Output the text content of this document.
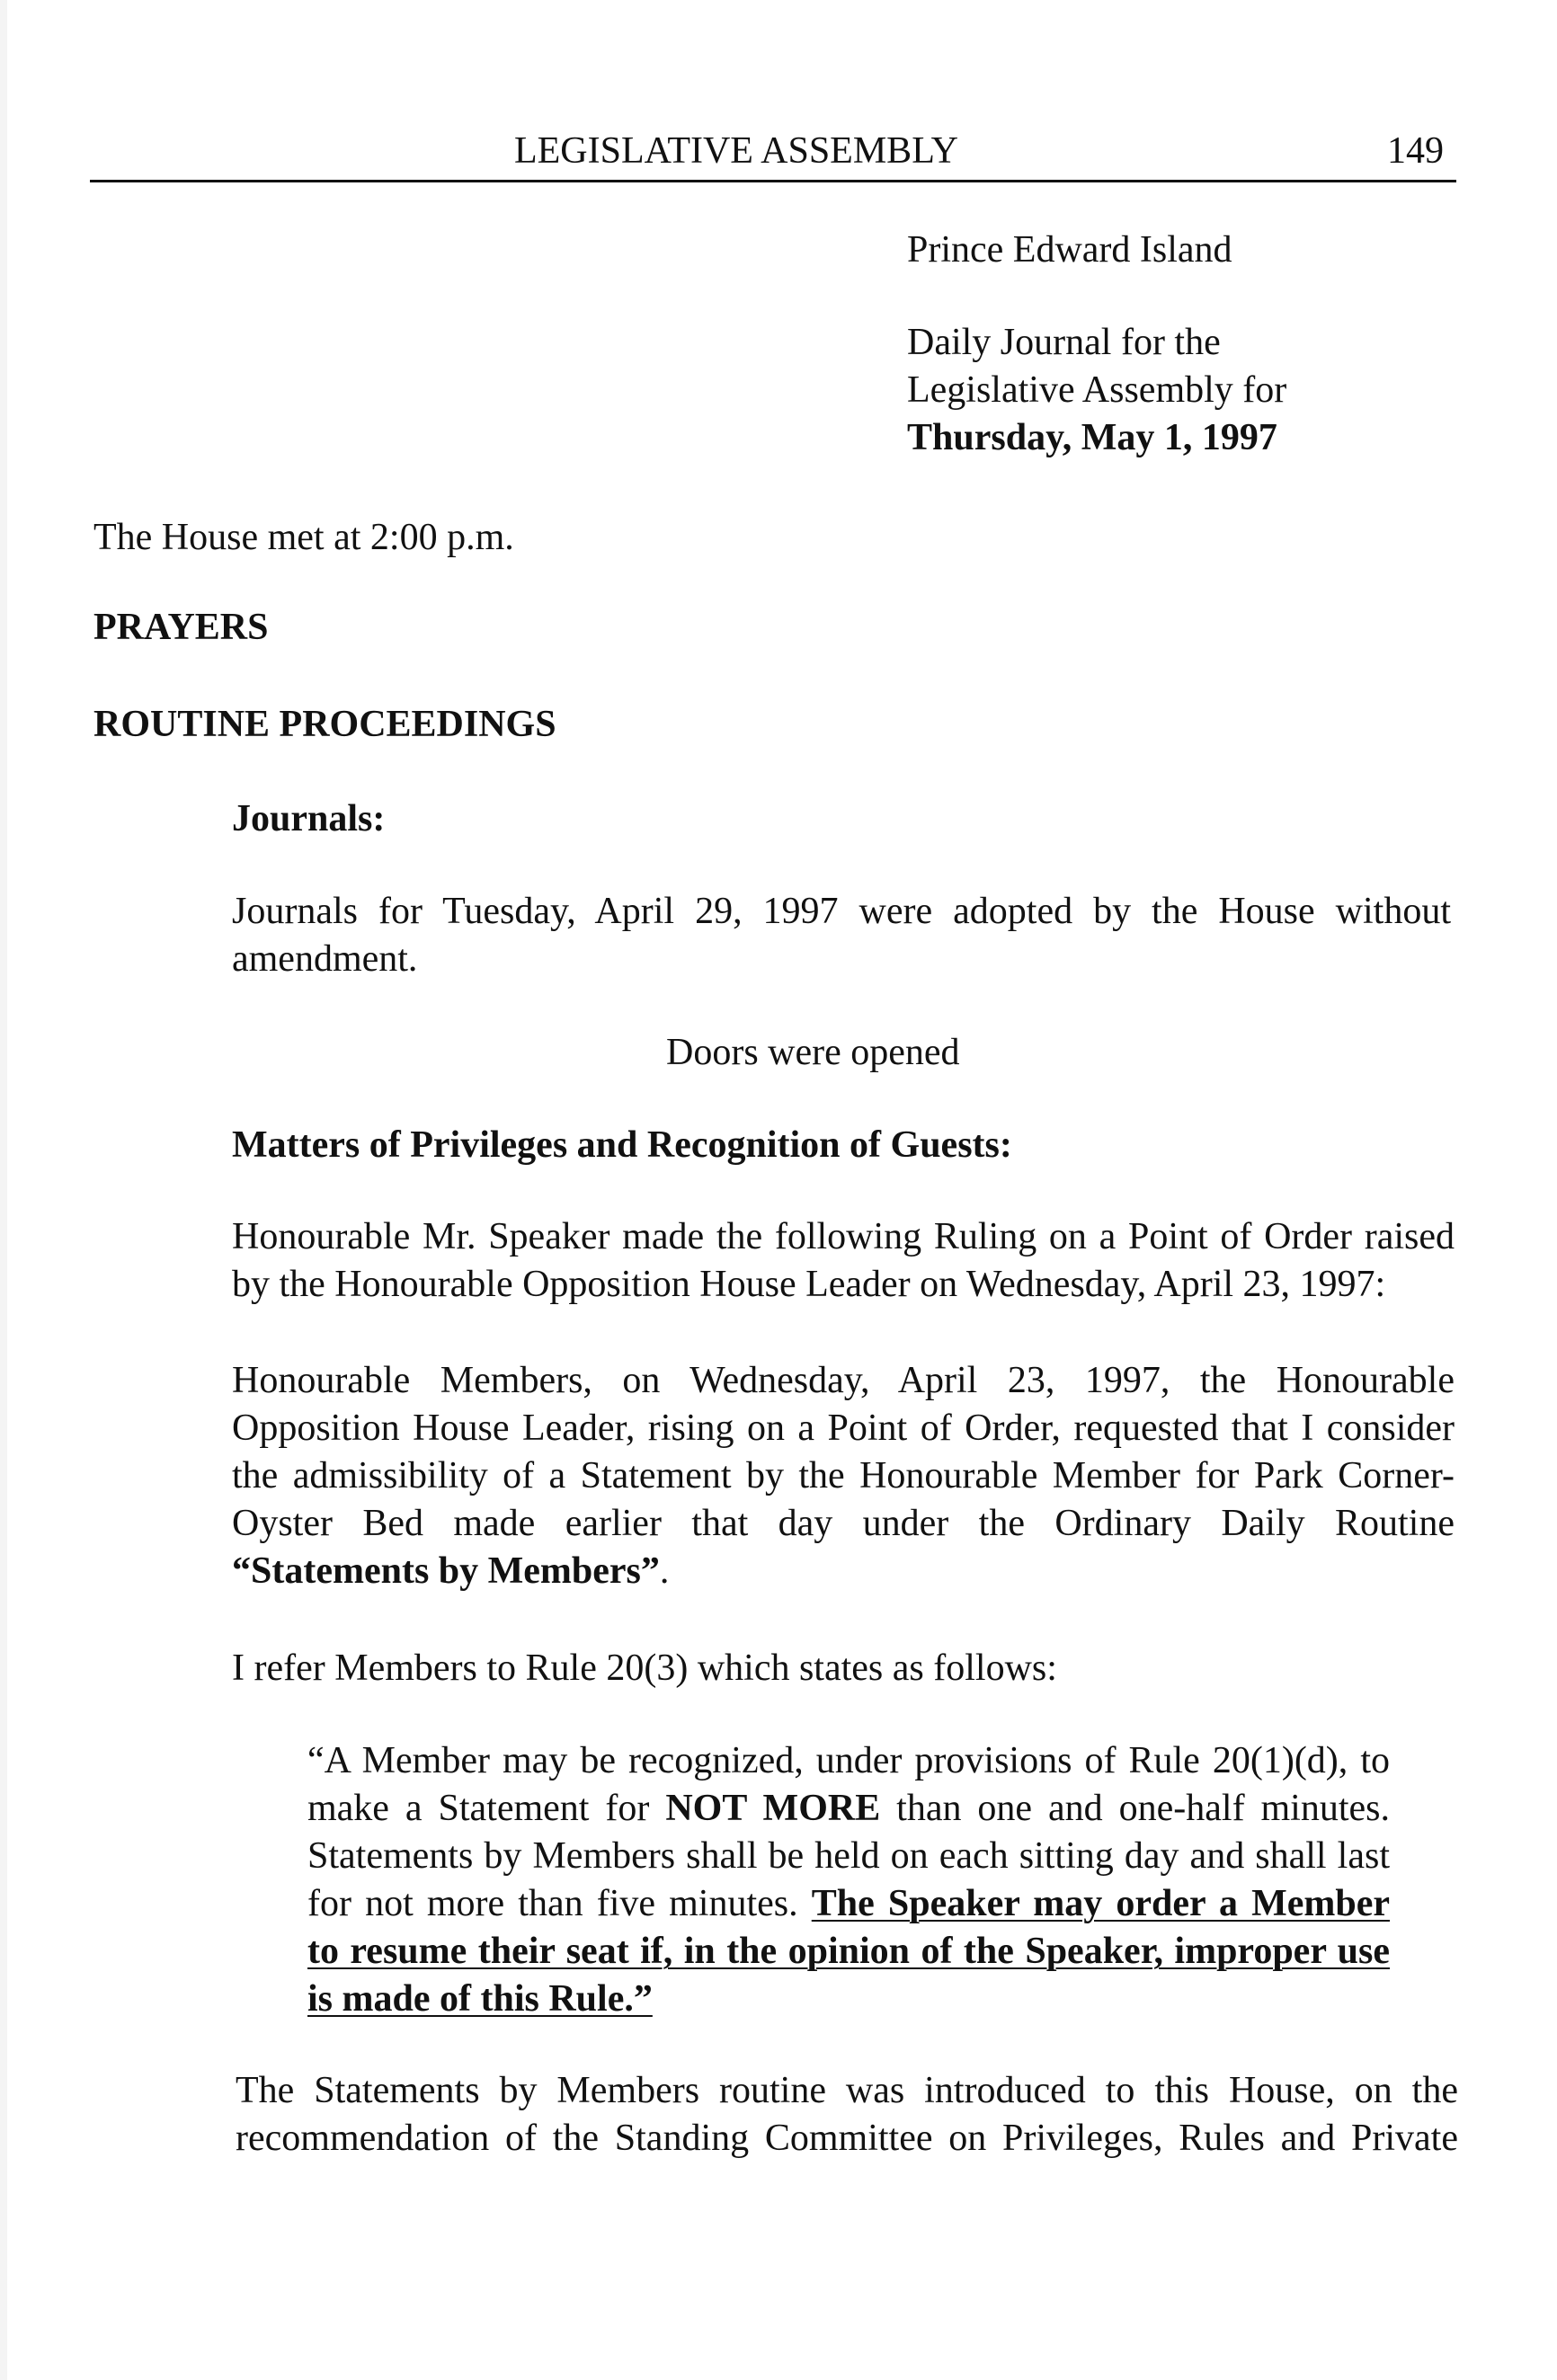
LEGISLATIVE ASSEMBLY	149
Prince Edward Island
Daily Journal for the
Legislative Assembly for
Thursday, May 1, 1997
The House met at 2:00 p.m.
PRAYERS
ROUTINE PROCEEDINGS
Journals:
Journals for Tuesday, April 29, 1997 were adopted by the House without
amendment.
Doors were opened
Matters of Privileges and Recognition of Guests:
Honourable Mr. Speaker made the following Ruling on a Point of Order raised
by the Honourable Opposition House Leader on Wednesday, April 23, 1997:
Honourable Members, on Wednesday, April 23, 1997, the Honourable
Opposition House Leader, rising on a Point of Order, requested that I consider
the admissibility of a Statement by the Honourable Member for Park Corner-
Oyster Bed made earlier that day under the Ordinary Daily Routine
“Statements by Members”.
I refer Members to Rule 20(3) which states as follows:
“A Member may be recognized, under provisions of Rule 20(1)(d), to
make a Statement for NOT MORE than one and one-half minutes.
Statements by Members shall be held on each sitting day and shall last
for not more than five minutes. The Speaker may order a Member
to resume their seat if, in the opinion of the Speaker, improper use
is made of this Rule.”
The Statements by Members routine was introduced to this House, on the
recommendation of the Standing Committee on Privileges, Rules and Private
